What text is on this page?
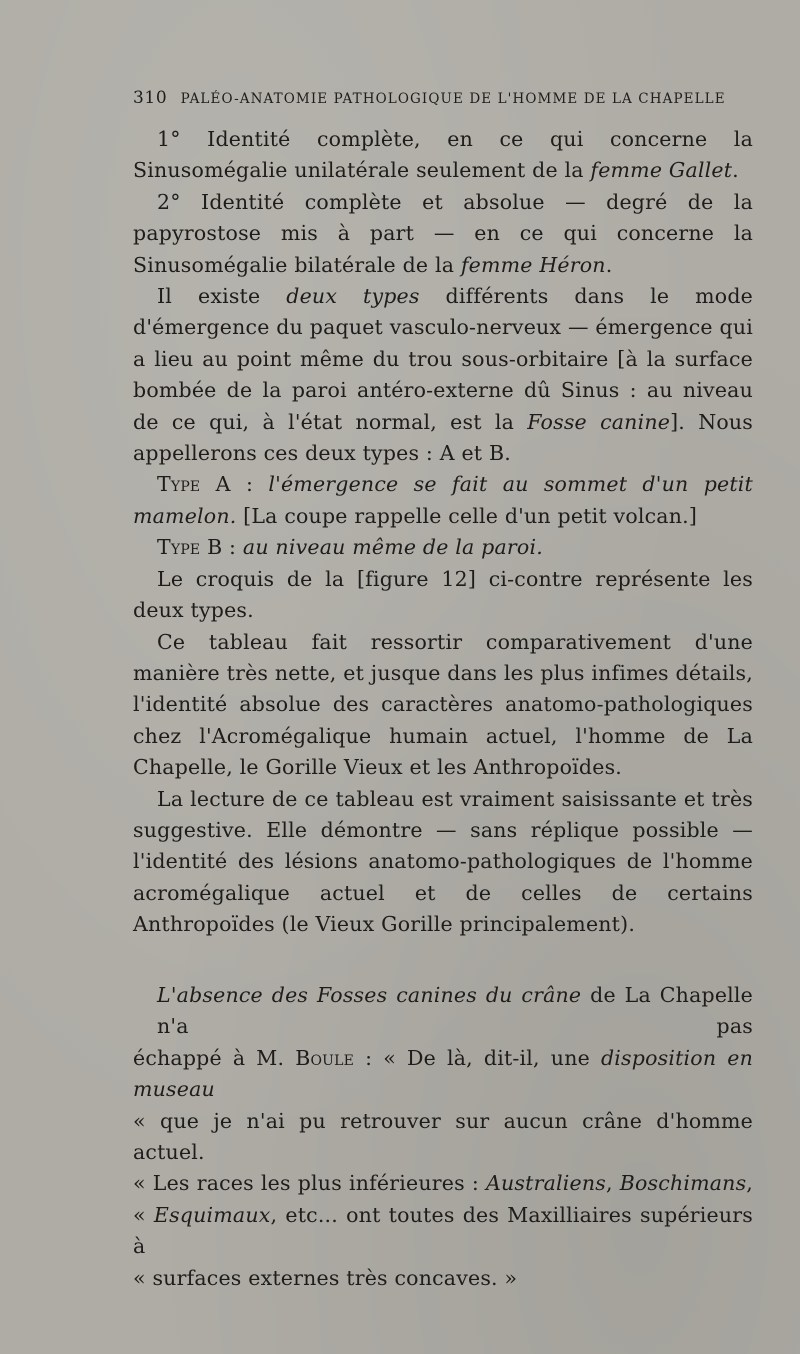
310 PALÉO-ANATOMIE PATHOLOGIQUE DE L'HOMME DE LA CHAPELLE

1° Identité complète, en ce qui concerne la Sinusomégalie unilatérale seulement de la femme Gallet.

2° Identité complète et absolue — degré de la papyrostose mis à part — en ce qui concerne la Sinusomégalie bilatérale de la femme Héron.

Il existe deux types différents dans le mode d'émergence du paquet vasculo-nerveux — émergence qui a lieu au point même du trou sous-orbitaire [à la surface bombée de la paroi antéro-externe dû Sinus : au niveau de ce qui, à l'état normal, est la Fosse canine]. Nous appellerons ces deux types : A et B.

Type A : l'émergence se fait au sommet d'un petit mamelon. [La coupe rappelle celle d'un petit volcan.]

Type B : au niveau même de la paroi.

Le croquis de la [figure 12] ci-contre représente les deux types.

Ce tableau fait ressortir comparativement d'une manière très nette, et jusque dans les plus infimes détails, l'identité absolue des caractères anatomo-pathologiques chez l'Acromégalique humain actuel, l'homme de La Chapelle, le Gorille Vieux et les Anthropoïdes.

La lecture de ce tableau est vraiment saisissante et très suggestive. Elle démontre — sans réplique possible — l'identité des lésions anatomo-pathologiques de l'homme acromégalique actuel et de celles de certains Anthropoïdes (le Vieux Gorille principalement).

L'absence des Fosses canines du crâne de La Chapelle n'a pas
échappé à M. Boule : « De là, dit-il, une disposition en museau
« que je n'ai pu retrouver sur aucun crâne d'homme actuel.
« Les races les plus inférieures : Australiens, Boschimans,
« Esquimaux, etc... ont toutes des Maxilliaires supérieurs à
« surfaces externes très concaves. »
